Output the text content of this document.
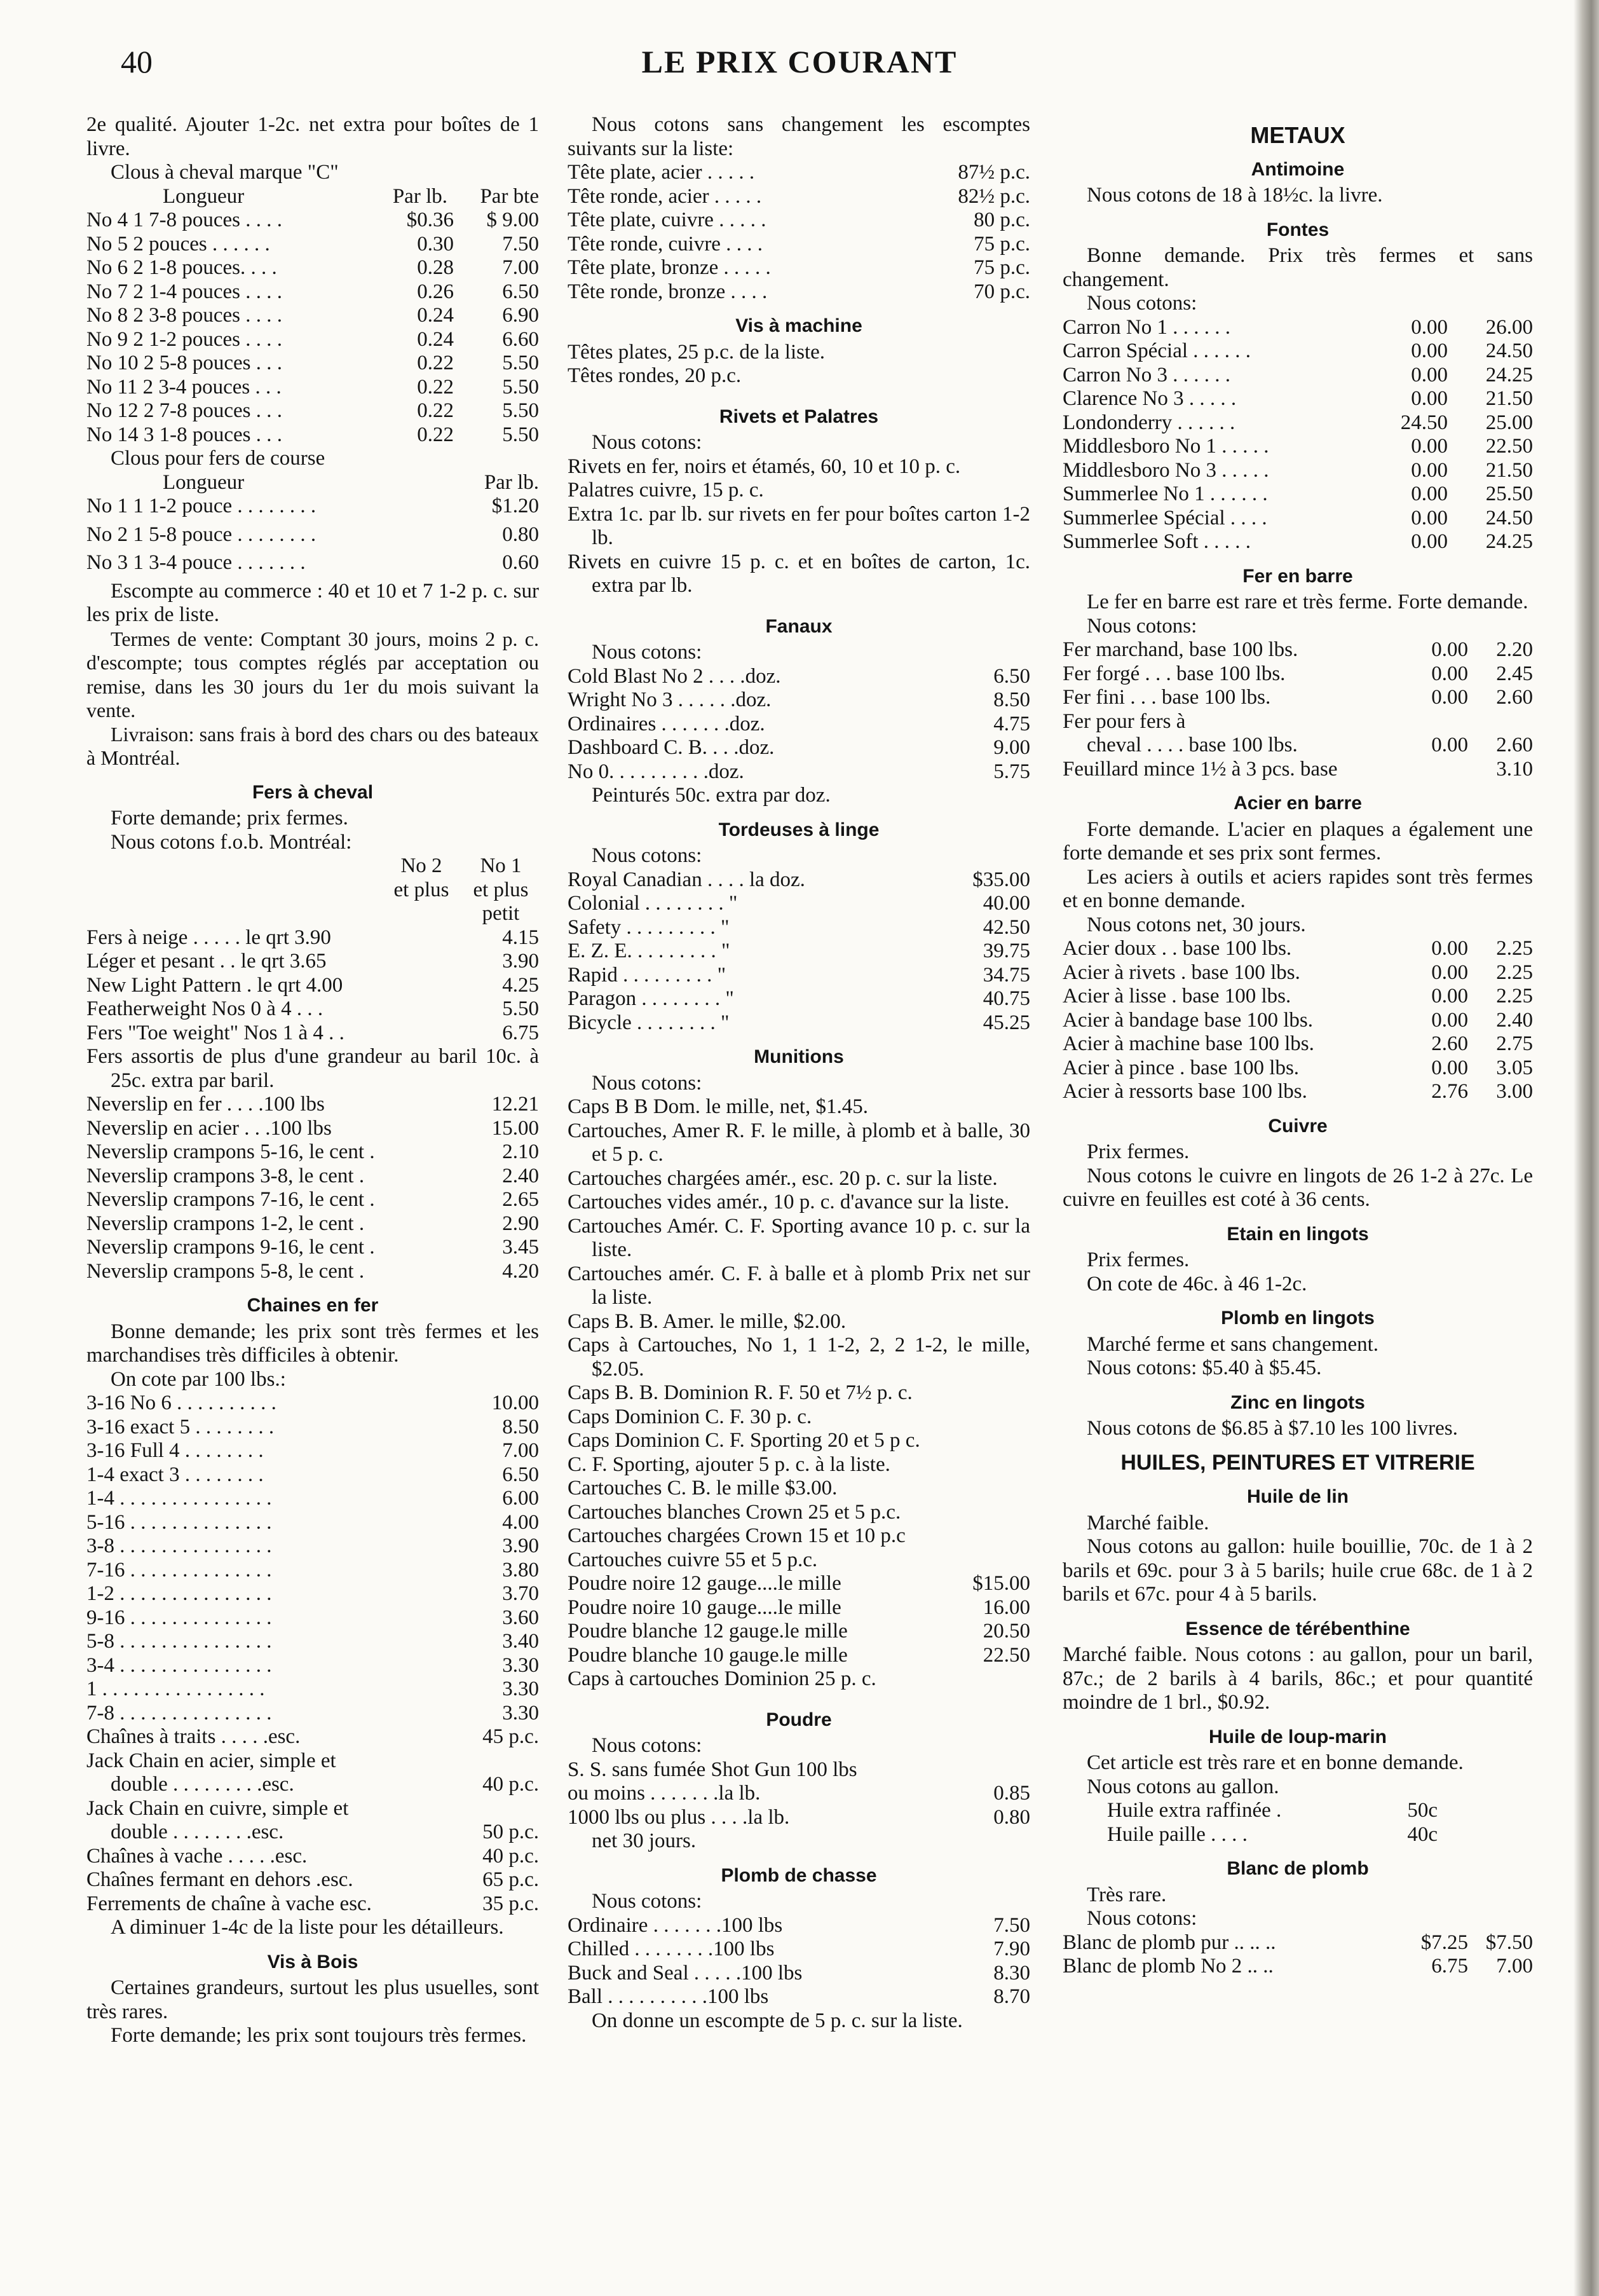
40	LE PRIX COURANT

2e qualité. Ajouter 1-2c. net extra pour boîtes de 1 livre.

Clous à cheval marque "C"

Longueur	Par lb.	Par bte
No 4 1 7-8 pouces . . . .	$0.36	$ 9.00
No 5 2 pouces . . . . . .	0.30	7.50
No 6 2 1-8 pouces. . . .	0.28	7.00
No 7 2 1-4 pouces . . . .	0.26	6.50
No 8 2 3-8 pouces . . . .	0.24	6.90
No 9 2 1-2 pouces . . . .	0.24	6.60
No 10 2 5-8 pouces . . .	0.22	5.50
No 11 2 3-4 pouces . . .	0.22	5.50
No 12 2 7-8 pouces . . .	0.22	5.50
No 14 3 1-8 pouces . . .	0.22	5.50

Clous pour fers de course

Longueur	Par lb.
No 1 1 1-2 pouce . . . . . . . .	$1.20
No 2 1 5-8 pouce . . . . . . . .	0.80
No 3 1 3-4 pouce . . . . . . .	0.60

Escompte au commerce : 40 et 10 et 7 1-2 p. c. sur les prix de liste.

Termes de vente: Comptant 30 jours, moins 2 p. c. d'escompte; tous comptes réglés par acceptation ou remise, dans les 30 jours du 1er du mois suivant la vente.

Livraison: sans frais à bord des chars ou des bateaux à Montréal.

Fers à cheval

Forte demande; prix fermes.

Nous cotons f.o.b. Montréal:

No 2
et plus

No 1
et plus
petit
Fers à neige . . . . . le qrt 3.90	4.15
Léger et pesant . . le qrt 3.65	3.90
New Light Pattern . le qrt 4.00	4.25
Featherweight Nos 0 à 4 . . .	5.50
Fers "Toe weight" Nos 1 à 4 . .	6.75

Fers assortis de plus d'une grandeur au baril 10c. à 25c. extra par baril.

Neverslip en fer . . . .100 lbs	12.21
Neverslip en acier . . .100 lbs	15.00
Neverslip crampons 5-16, le cent .	2.10
Neverslip crampons 3-8, le cent .	2.40
Neverslip crampons 7-16, le cent .	2.65
Neverslip crampons 1-2, le cent .	2.90
Neverslip crampons 9-16, le cent .	3.45
Neverslip crampons 5-8, le cent .	4.20
Chaines en fer

Bonne demande; les prix sont très fermes et les marchandises très difficiles à obtenir.

On cote par 100 lbs.:

3-16 No 6 . . . . . . . . . .	10.00
3-16 exact 5 . . . . . . . .	8.50
3-16 Full 4 . . . . . . . .	7.00
1-4 exact 3 . . . . . . . .	6.50
1-4 . . . . . . . . . . . . . . .	6.00
5-16 . . . . . . . . . . . . . .	4.00
3-8 . . . . . . . . . . . . . . .	3.90
7-16 . . . . . . . . . . . . . .	3.80
1-2 . . . . . . . . . . . . . . .	3.70
9-16 . . . . . . . . . . . . . .	3.60
5-8 . . . . . . . . . . . . . . .	3.40
3-4 . . . . . . . . . . . . . . .	3.30
1 . . . . . . . . . . . . . . . .	3.30
7-8 . . . . . . . . . . . . . . .	3.30
Chaînes à traits . . . . .esc.	45 p.c.

Jack Chain en acier, simple et

double . . . . . . . . .esc.	40 p.c.

Jack Chain en cuivre, simple et

double . . . . . . . .esc.	50 p.c.
Chaînes à vache . . . . .esc.	40 p.c.
Chaînes fermant en dehors .esc.	65 p.c.
Ferrements de chaîne à vache esc.	35 p.c.

A diminuer 1-4c de la liste pour les détailleurs.

Vis à Bois

Certaines grandeurs, surtout les plus usuelles, sont très rares.

Forte demande; les prix sont toujours très fermes.

Nous cotons sans changement les escomptes suivants sur la liste:

Tête plate, acier . . . . .	87½ p.c.
Tête ronde, acier . . . . .	82½ p.c.
Tête plate, cuivre . . . . .	80 p.c.
Tête ronde, cuivre . . . .	75 p.c.
Tête plate, bronze . . . . .	75 p.c.
Tête ronde, bronze . . . .	70 p.c.
Vis à machine

Têtes plates, 25 p.c. de la liste.

Têtes rondes, 20 p.c.

Rivets et Palatres

Nous cotons:

Rivets en fer, noirs et étamés, 60, 10 et 10 p. c.

Palatres cuivre, 15 p. c.

Extra 1c. par lb. sur rivets en fer pour boîtes carton 1-2 lb.

Rivets en cuivre 15 p. c. et en boîtes de carton, 1c. extra par lb.

Fanaux

Nous cotons:

Cold Blast No 2 . . . .doz.	6.50
Wright No 3 . . . . . .doz.	8.50
Ordinaires . . . . . . .doz.	4.75
Dashboard C. B. . . .doz.	9.00
No 0. . . . . . . . . .doz.	5.75

Peinturés 50c. extra par doz.

Tordeuses à linge

Nous cotons:

Royal Canadian . . . . la doz.	$35.00
Colonial . . . . . . . . "	40.00
Safety . . . . . . . . . "	42.50
E. Z. E. . . . . . . . . "	39.75
Rapid . . . . . . . . . "	34.75
Paragon . . . . . . . . "	40.75
Bicycle . . . . . . . . "	45.25
Munitions

Nous cotons:

Caps B B Dom. le mille, net, $1.45.

Cartouches, Amer R. F. le mille, à plomb et à balle, 30 et 5 p. c.

Cartouches chargées amér., esc. 20 p. c. sur la liste.

Cartouches vides amér., 10 p. c. d'avance sur la liste.

Cartouches Amér. C. F. Sporting avance 10 p. c. sur la liste.

Cartouches amér. C. F. à balle et à plomb Prix net sur la liste.

Caps B. B. Amer. le mille, $2.00.

Caps à Cartouches, No 1, 1 1-2, 2, 2 1-2, le mille, $2.05.

Caps B. B. Dominion R. F. 50 et 7½ p. c.

Caps Dominion C. F. 30 p. c.

Caps Dominion C. F. Sporting 20 et 5 p c.

C. F. Sporting, ajouter 5 p. c. à la liste.

Cartouches C. B. le mille $3.00.

Cartouches blanches Crown 25 et 5 p.c.

Cartouches chargées Crown 15 et 10 p.c

Cartouches cuivre 55 et 5 p.c.

Poudre noire 12 gauge....le mille	$15.00
Poudre noire 10 gauge....le mille	16.00
Poudre blanche 12 gauge.le mille	20.50
Poudre blanche 10 gauge.le mille	22.50

Caps à cartouches Dominion 25 p. c.

Poudre

Nous cotons:

S. S. sans fumée Shot Gun 100 lbs

ou moins . . . . . . .la lb.	0.85
1000 lbs ou plus . . . .la lb.	0.80

net 30 jours.

Plomb de chasse

Nous cotons:

Ordinaire . . . . . . .100 lbs	7.50
Chilled . . . . . . . .100 lbs	7.90
Buck and Seal . . . . .100 lbs	8.30
Ball . . . . . . . . . .100 lbs	8.70

On donne un escompte de 5 p. c. sur la liste.

METAUX
Antimoine

Nous cotons de 18 à 18½c. la livre.

Fontes

Bonne demande. Prix très fermes et sans changement.

Nous cotons:

Carron No 1 . . . . . .	0.00	26.00
Carron Spécial . . . . . .	0.00	24.50
Carron No 3 . . . . . .	0.00	24.25
Clarence No 3 . . . . .	0.00	21.50
Londonderry . . . . . .	24.50	25.00
Middlesboro No 1 . . . . .	0.00	22.50
Middlesboro No 3 . . . . .	0.00	21.50
Summerlee No 1 . . . . . .	0.00	25.50
Summerlee Spécial . . . .	0.00	24.50
Summerlee Soft . . . . .	0.00	24.25
Fer en barre

Le fer en barre est rare et très ferme. Forte demande.

Nous cotons:

Fer marchand, base 100 lbs.	0.00	2.20
Fer forgé . . . base 100 lbs.	0.00	2.45
Fer fini . . . base 100 lbs.	0.00	2.60

Fer pour fers à

cheval . . . . base 100 lbs.	0.00	2.60
Feuillard mince 1½ à 3 pcs. base	3.10
Acier en barre

Forte demande. L'acier en plaques a également une forte demande et ses prix sont fermes.

Les aciers à outils et aciers rapides sont très fermes et en bonne demande.

Nous cotons net, 30 jours.

Acier doux . . base 100 lbs.	0.00	2.25
Acier à rivets . base 100 lbs.	0.00	2.25
Acier à lisse . base 100 lbs.	0.00	2.25
Acier à bandage base 100 lbs.	0.00	2.40
Acier à machine base 100 lbs.	2.60	2.75
Acier à pince . base 100 lbs.	0.00	3.05
Acier à ressorts base 100 lbs.	2.76	3.00
Cuivre

Prix fermes.

Nous cotons le cuivre en lingots de 26 1-2 à 27c. Le cuivre en feuilles est coté à 36 cents.

Etain en lingots

Prix fermes.

On cote de 46c. à 46 1-2c.

Plomb en lingots

Marché ferme et sans changement.

Nous cotons: $5.40 à $5.45.

Zinc en lingots

Nous cotons de $6.85 à $7.10 les 100 livres.

HUILES, PEINTURES ET VITRERIE
Huile de lin

Marché faible.

Nous cotons au gallon: huile bouillie, 70c. de 1 à 2 barils et 69c. pour 3 à 5 barils; huile crue 68c. de 1 à 2 barils et 67c. pour 4 à 5 barils.

Essence de térébenthine

Marché faible. Nous cotons : au gallon, pour un baril, 87c.; de 2 barils à 4 barils, 86c.; et pour quantité moindre de 1 brl., $0.92.

Huile de loup-marin

Cet article est très rare et en bonne demande.

Nous cotons au gallon.

Huile extra raffinée .	50c
Huile paille . . . .	40c
Blanc de plomb

Très rare.

Nous cotons:

Blanc de plomb pur .. .. ..	$7.25 $7.50
Blanc de plomb No 2 .. ..	6.75	7.00
